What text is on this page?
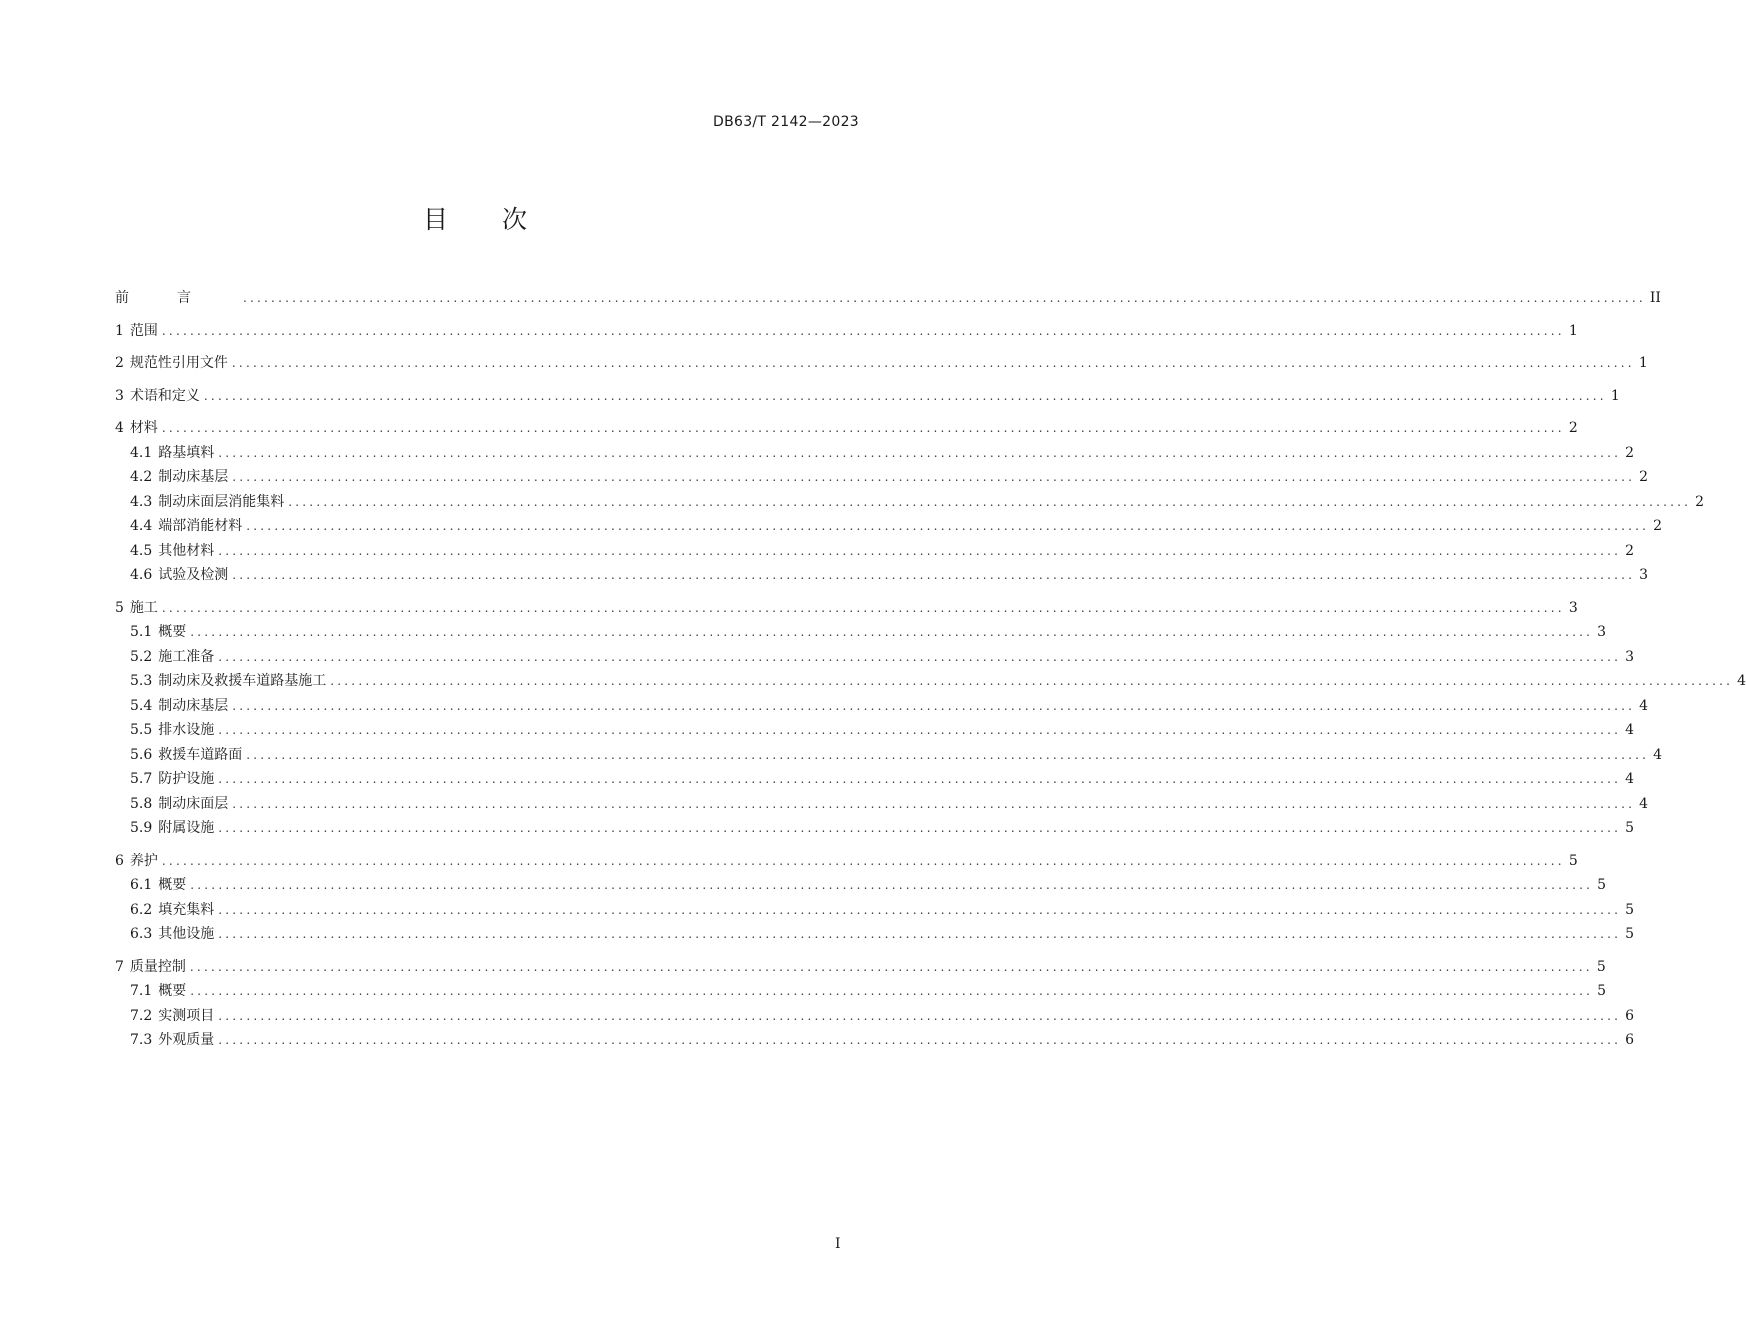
DB63/T 2142—2023
目 次
前言 ........................................................................................................................................................................................................ II
1 范围 ........................................................................................................................................................................................................ 1
2 规范性引用文件 ........................................................................................................................................................................................................ 1
3 术语和定义 ........................................................................................................................................................................................................ 1
4 材料 ........................................................................................................................................................................................................ 2
4.1 路基填料 ........................................................................................................................................................................................................ 2
4.2 制动床基层 ........................................................................................................................................................................................................ 2
4.3 制动床面层消能集料 ........................................................................................................................................................................................................ 2
4.4 端部消能材料 ........................................................................................................................................................................................................ 2
4.5 其他材料 ........................................................................................................................................................................................................ 2
4.6 试验及检测 ........................................................................................................................................................................................................ 3
5 施工 ........................................................................................................................................................................................................ 3
5.1 概要 ........................................................................................................................................................................................................ 3
5.2 施工准备 ........................................................................................................................................................................................................ 3
5.3 制动床及救援车道路基施工 ........................................................................................................................................................................................................ 4
5.4 制动床基层 ........................................................................................................................................................................................................ 4
5.5 排水设施 ........................................................................................................................................................................................................ 4
5.6 救援车道路面 ........................................................................................................................................................................................................ 4
5.7 防护设施 ........................................................................................................................................................................................................ 4
5.8 制动床面层 ........................................................................................................................................................................................................ 4
5.9 附属设施 ........................................................................................................................................................................................................ 5
6 养护 ........................................................................................................................................................................................................ 5
6.1 概要 ........................................................................................................................................................................................................ 5
6.2 填充集料 ........................................................................................................................................................................................................ 5
6.3 其他设施 ........................................................................................................................................................................................................ 5
7 质量控制 ........................................................................................................................................................................................................ 5
7.1 概要 ........................................................................................................................................................................................................ 5
7.2 实测项目 ........................................................................................................................................................................................................ 6
7.3 外观质量 ........................................................................................................................................................................................................ 6
I
